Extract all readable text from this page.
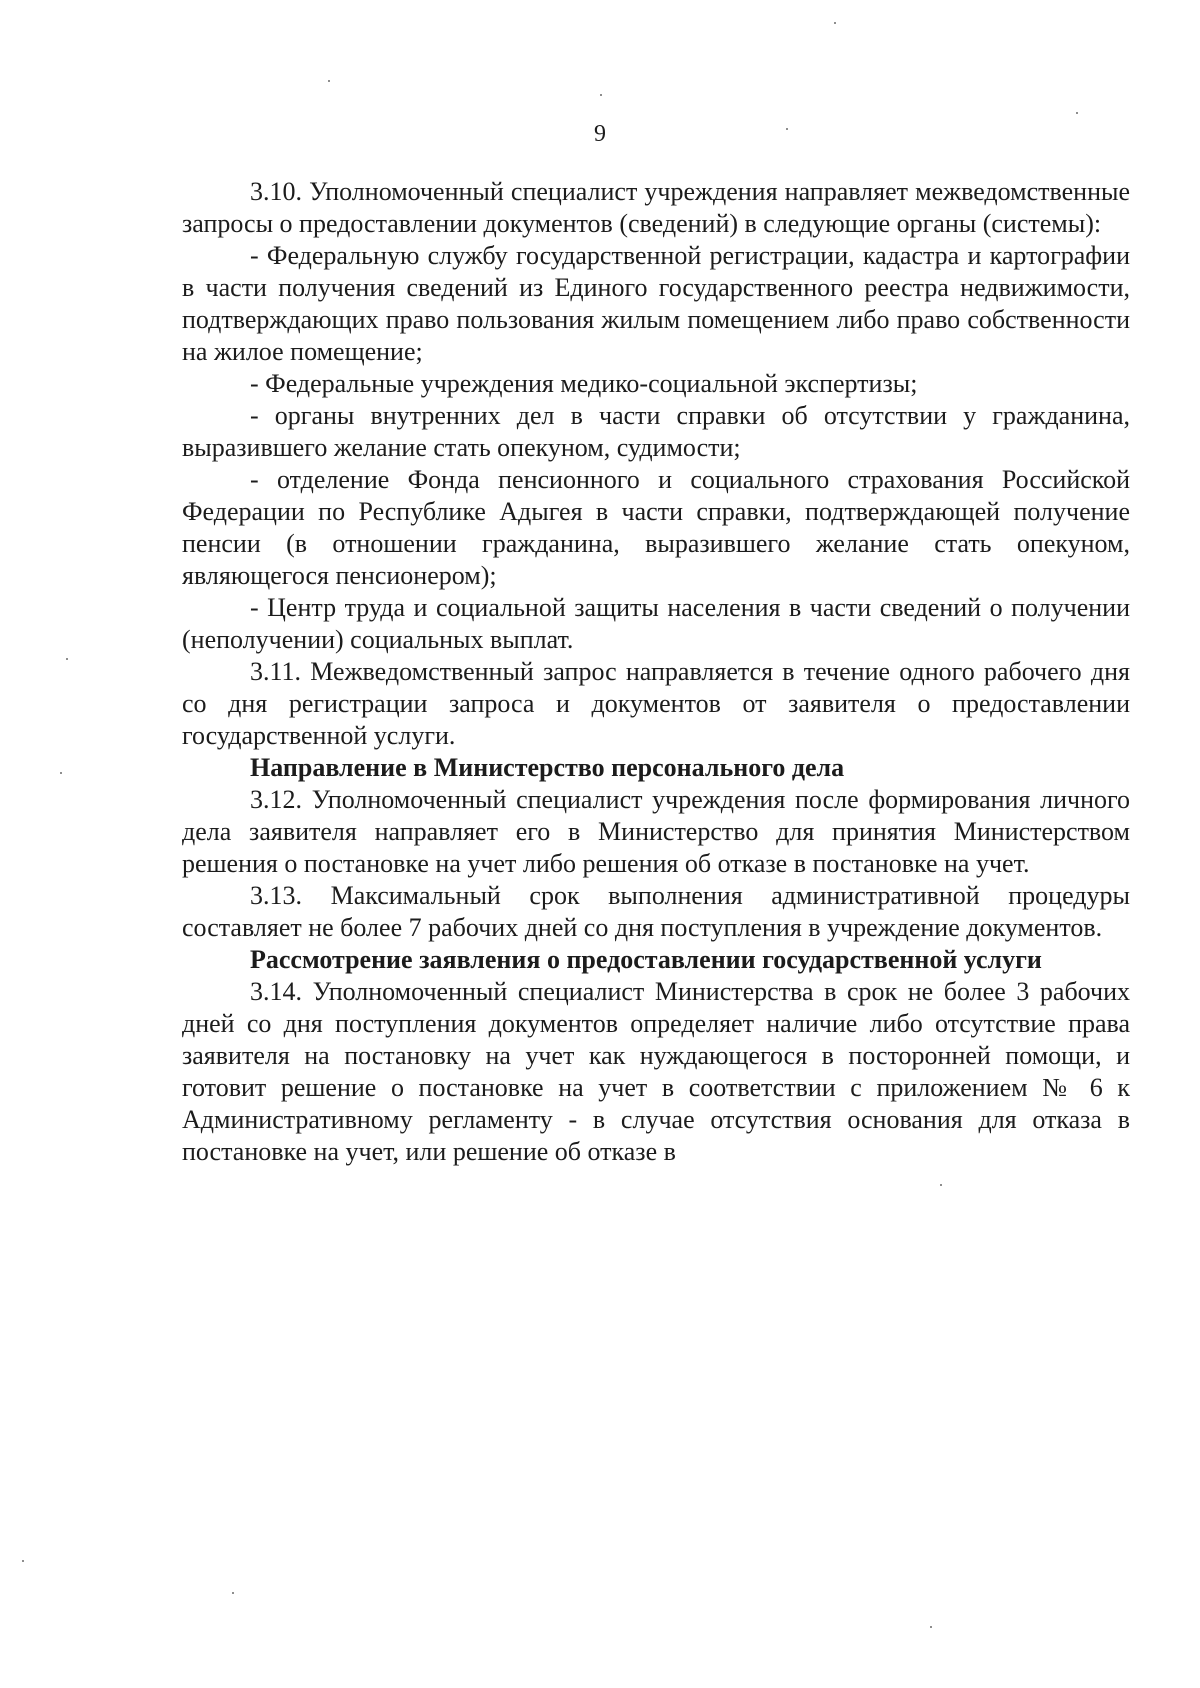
9

3.10. Уполномоченный специалист учреждения направляет межведомственные запросы о предоставлении документов (сведений) в следующие органы (системы):

- Федеральную службу государственной регистрации, кадастра и картографии в части получения сведений из Единого государственного реестра недвижимости, подтверждающих право пользования жилым помещением либо право собственности на жилое помещение;

- Федеральные учреждения медико-социальной экспертизы;

- органы внутренних дел в части справки об отсутствии у гражданина, выразившего желание стать опекуном, судимости;

- отделение Фонда пенсионного и социального страхования Российской Федерации по Республике Адыгея в части справки, подтверждающей получение пенсии (в отношении гражданина, выразившего желание стать опекуном, являющегося пенсионером);

- Центр труда и социальной защиты населения в части сведений о получении (неполучении) социальных выплат.

3.11. Межведомственный запрос направляется в течение одного рабочего дня со дня регистрации запроса и документов от заявителя о предоставлении государственной услуги.

Направление в Министерство персонального дела

3.12. Уполномоченный специалист учреждения после формирования личного дела заявителя направляет его в Министерство для принятия Министерством решения о постановке на учет либо решения об отказе в постановке на учет.

3.13. Максимальный срок выполнения административной процедуры составляет не более 7 рабочих дней со дня поступления в учреждение документов.

Рассмотрение заявления о предоставлении государственной услуги

3.14. Уполномоченный специалист Министерства в срок не более 3 рабочих дней со дня поступления документов определяет наличие либо отсутствие права заявителя на постановку на учет как нуждающегося в посторонней помощи, и готовит решение о постановке на учет в соответствии с приложением № 6 к Административному регламенту - в случае отсутствия основания для отказа в постановке на учет, или решение об отказе в
